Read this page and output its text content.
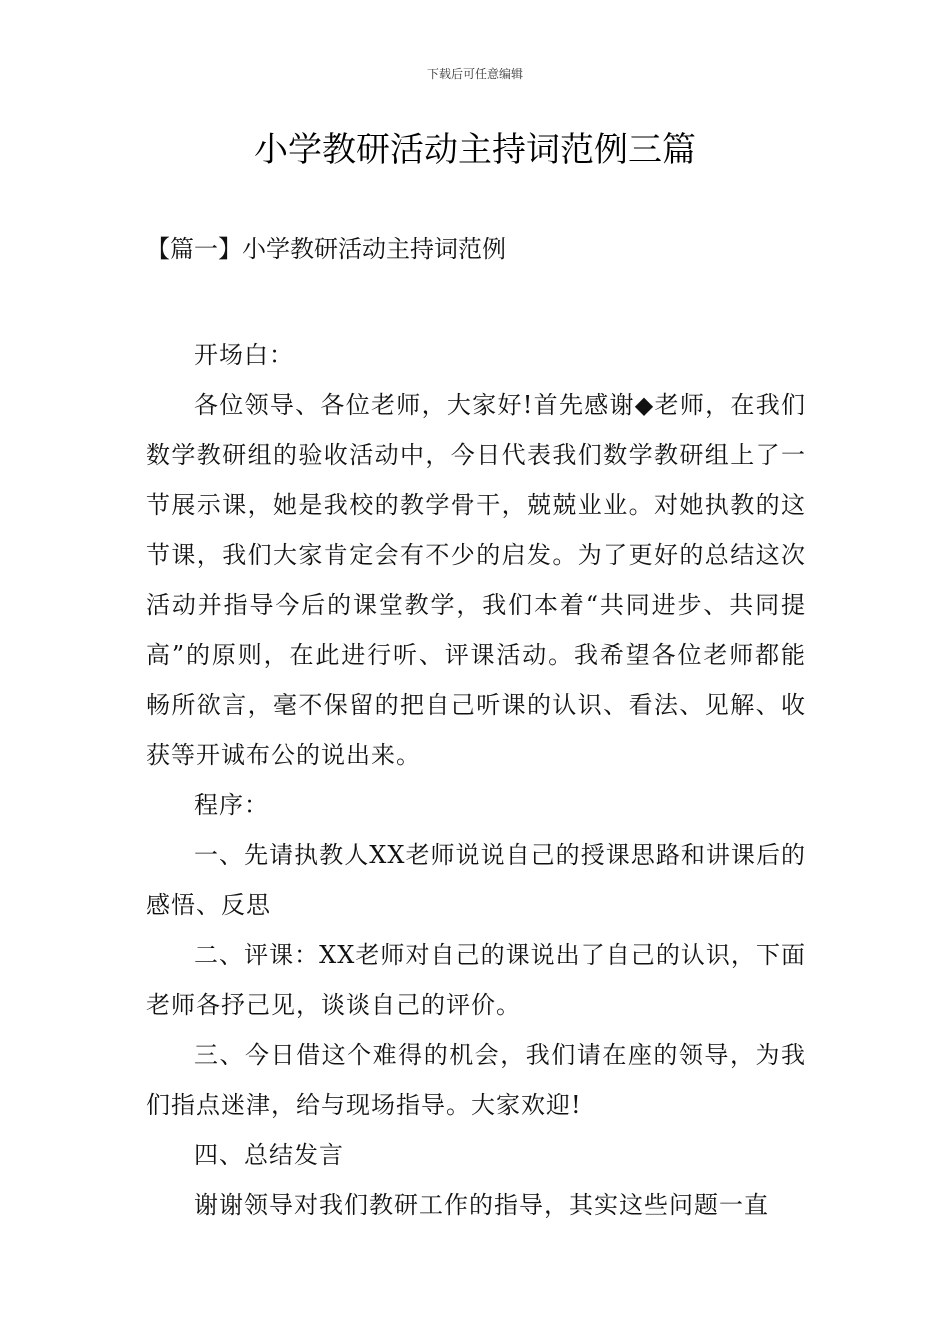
下载后可任意编辑
小学教研活动主持词范例三篇
【篇一】小学教研活动主持词范例

开场白：

各位领导、各位老师，大家好!首先感谢◆老师，在我们数学教研组的验收活动中，今日代表我们数学教研组上了一节展示课，她是我校的教学骨干，兢兢业业。对她执教的这节课，我们大家肯定会有不少的启发。为了更好的总结这次活动并指导今后的课堂教学，我们本着“共同进步、共同提高”的原则，在此进行听、评课活动。我希望各位老师都能畅所欲言，毫不保留的把自己听课的认识、看法、见解、收获等开诚布公的说出来。

程序：

一、先请执教人XX老师说说自己的授课思路和讲课后的感悟、反思

二、评课：XX老师对自己的课说出了自己的认识，下面老师各抒己见，谈谈自己的评价。

三、今日借这个难得的机会，我们请在座的领导，为我们指点迷津，给与现场指导。大家欢迎!

四、总结发言

谢谢领导对我们教研工作的指导，其实这些问题一直
